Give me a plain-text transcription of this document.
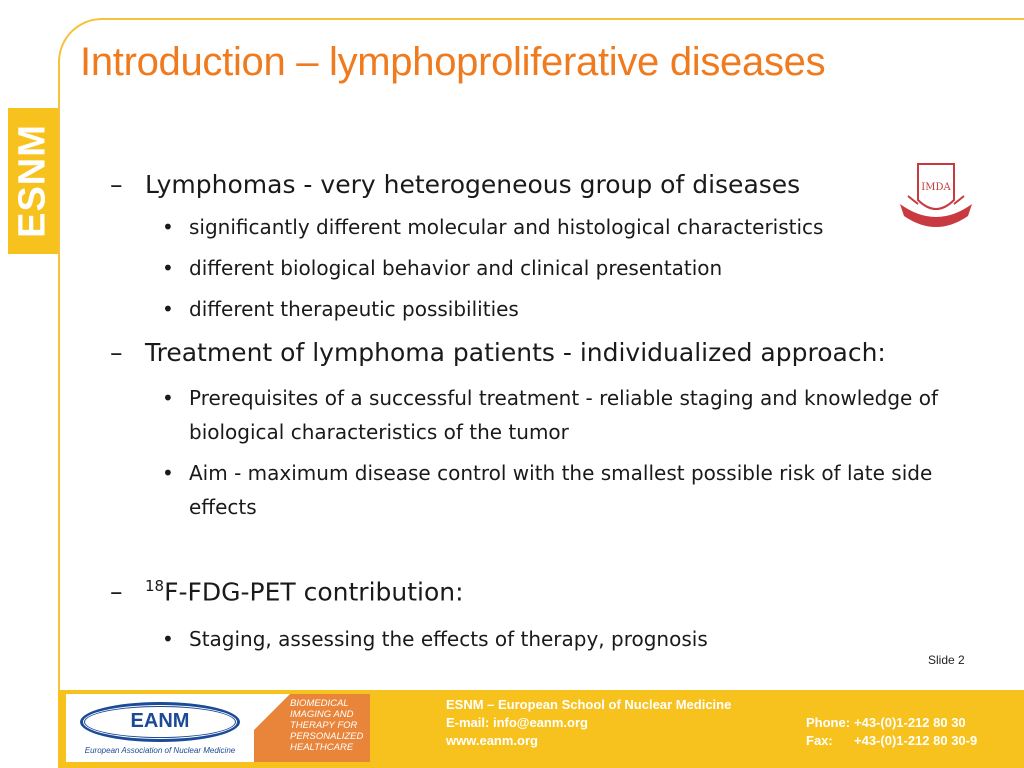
Introduction – lymphoproliferative diseases
ESNM	IMDA
– Lymphomas - very heterogeneous group of diseases
• significantly different molecular and histological characteristics
• different biological behavior and clinical presentation
• different therapeutic possibilities
– Treatment of lymphoma patients - individualized approach:
• Prerequisites of a successful treatment - reliable staging and knowledge of biological characteristics of the tumor
• Aim - maximum disease control with the smallest possible risk of late side effects
– $^{18}$F-FDG-PET contribution:
• Staging, assessing the effects of therapy, prognosis
Slide 2
EANM
European Association of Nuclear Medicine
BIOMEDICAL IMAGING AND THERAPY FOR PERSONALIZED HEALTHCARE
ESNM – European School of Nuclear Medicine
E-mail: info@eanm.org
www.eanm.org
Phone: +43-(0)1-212 80 30
Fax: +43-(0)1-212 80 30-9
